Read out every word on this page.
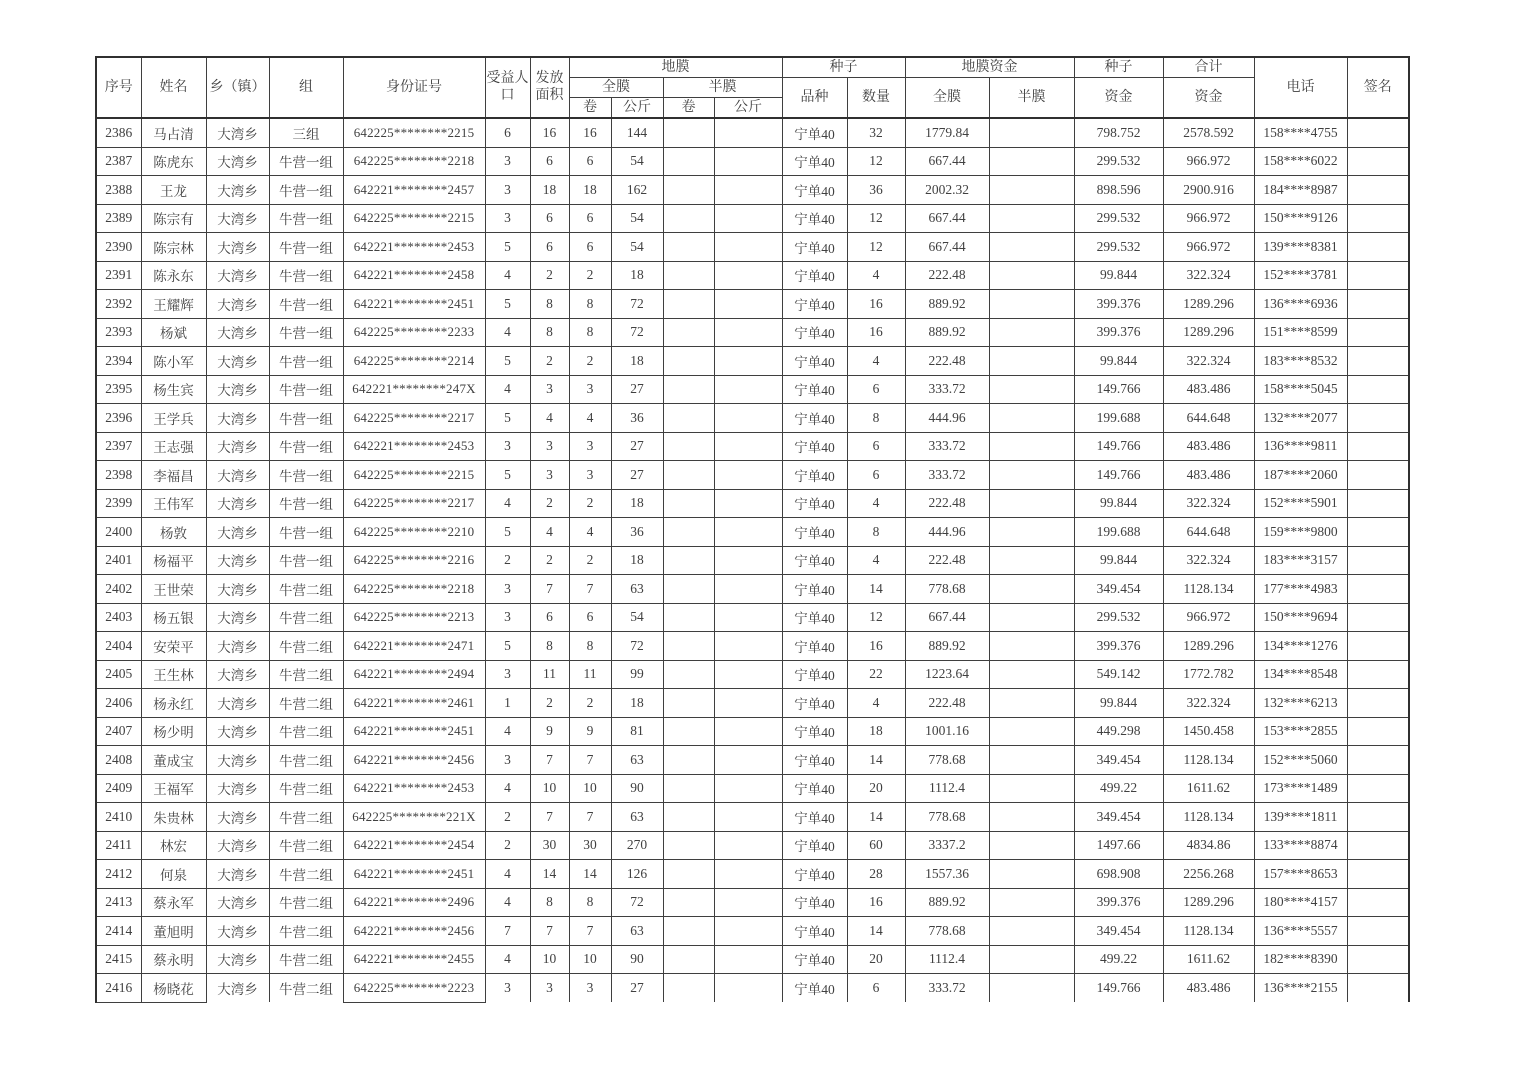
序号	姓名	乡（镇）	组	身份证号	受益人口	发放面积	地膜				种子		地膜资金		种子	合计	电话	签名
							全膜		半膜		品种	数量	全膜	半膜	资金	资金		
							卷	公斤	卷	公斤								
2386	马占清	大湾乡	三组	642225********2215	6	16	16	144			宁单40	32	1779.84		798.752	2578.592	158****4755	
2387	陈虎东	大湾乡	牛营一组	642225********2218	3	6	6	54			宁单40	12	667.44		299.532	966.972	158****6022	
2388	王龙	大湾乡	牛营一组	642221********2457	3	18	18	162			宁单40	36	2002.32		898.596	2900.916	184****8987	
2389	陈宗有	大湾乡	牛营一组	642225********2215	3	6	6	54			宁单40	12	667.44		299.532	966.972	150****9126	
2390	陈宗林	大湾乡	牛营一组	642221********2453	5	6	6	54			宁单40	12	667.44		299.532	966.972	139****8381	
2391	陈永东	大湾乡	牛营一组	642221********2458	4	2	2	18			宁单40	4	222.48		99.844	322.324	152****3781	
2392	王耀辉	大湾乡	牛营一组	642221********2451	5	8	8	72			宁单40	16	889.92		399.376	1289.296	136****6936	
2393	杨斌	大湾乡	牛营一组	642225********2233	4	8	8	72			宁单40	16	889.92		399.376	1289.296	151****8599	
2394	陈小军	大湾乡	牛营一组	642225********2214	5	2	2	18			宁单40	4	222.48		99.844	322.324	183****8532	
2395	杨生宾	大湾乡	牛营一组	642221********247X	4	3	3	27			宁单40	6	333.72		149.766	483.486	158****5045	
2396	王学兵	大湾乡	牛营一组	642225********2217	5	4	4	36			宁单40	8	444.96		199.688	644.648	132****2077	
2397	王志强	大湾乡	牛营一组	642221********2453	3	3	3	27			宁单40	6	333.72		149.766	483.486	136****9811	
2398	李福昌	大湾乡	牛营一组	642225********2215	5	3	3	27			宁单40	6	333.72		149.766	483.486	187****2060	
2399	王伟军	大湾乡	牛营一组	642225********2217	4	2	2	18			宁单40	4	222.48		99.844	322.324	152****5901	
2400	杨敦	大湾乡	牛营一组	642225********2210	5	4	4	36			宁单40	8	444.96		199.688	644.648	159****9800	
2401	杨福平	大湾乡	牛营一组	642225********2216	2	2	2	18			宁单40	4	222.48		99.844	322.324	183****3157	
2402	王世荣	大湾乡	牛营二组	642225********2218	3	7	7	63			宁单40	14	778.68		349.454	1128.134	177****4983	
2403	杨五银	大湾乡	牛营二组	642225********2213	3	6	6	54			宁单40	12	667.44		299.532	966.972	150****9694	
2404	安荣平	大湾乡	牛营二组	642221********2471	5	8	8	72			宁单40	16	889.92		399.376	1289.296	134****1276	
2405	王生林	大湾乡	牛营二组	642221********2494	3	11	11	99			宁单40	22	1223.64		549.142	1772.782	134****8548	
2406	杨永红	大湾乡	牛营二组	642221********2461	1	2	2	18			宁单40	4	222.48		99.844	322.324	132****6213	
2407	杨少明	大湾乡	牛营二组	642221********2451	4	9	9	81			宁单40	18	1001.16		449.298	1450.458	153****2855	
2408	董成宝	大湾乡	牛营二组	642221********2456	3	7	7	63			宁单40	14	778.68		349.454	1128.134	152****5060	
2409	王福军	大湾乡	牛营二组	642221********2453	4	10	10	90			宁单40	20	1112.4		499.22	1611.62	173****1489	
2410	朱贵林	大湾乡	牛营二组	642225********221X	2	7	7	63			宁单40	14	778.68		349.454	1128.134	139****1811	
2411	林宏	大湾乡	牛营二组	642221********2454	2	30	30	270			宁单40	60	3337.2		1497.66	4834.86	133****8874	
2412	何泉	大湾乡	牛营二组	642221********2451	4	14	14	126			宁单40	28	1557.36		698.908	2256.268	157****8653	
2413	蔡永军	大湾乡	牛营二组	642221********2496	4	8	8	72			宁单40	16	889.92		399.376	1289.296	180****4157	
2414	董旭明	大湾乡	牛营二组	642221********2456	7	7	7	63			宁单40	14	778.68		349.454	1128.134	136****5557	
2415	蔡永明	大湾乡	牛营二组	642221********2455	4	10	10	90			宁单40	20	1112.4		499.22	1611.62	182****8390	
2416	杨晓花	大湾乡	牛营二组	642225********2223	3	3	3	27			宁单40	6	333.72		149.766	483.486	136****2155	
